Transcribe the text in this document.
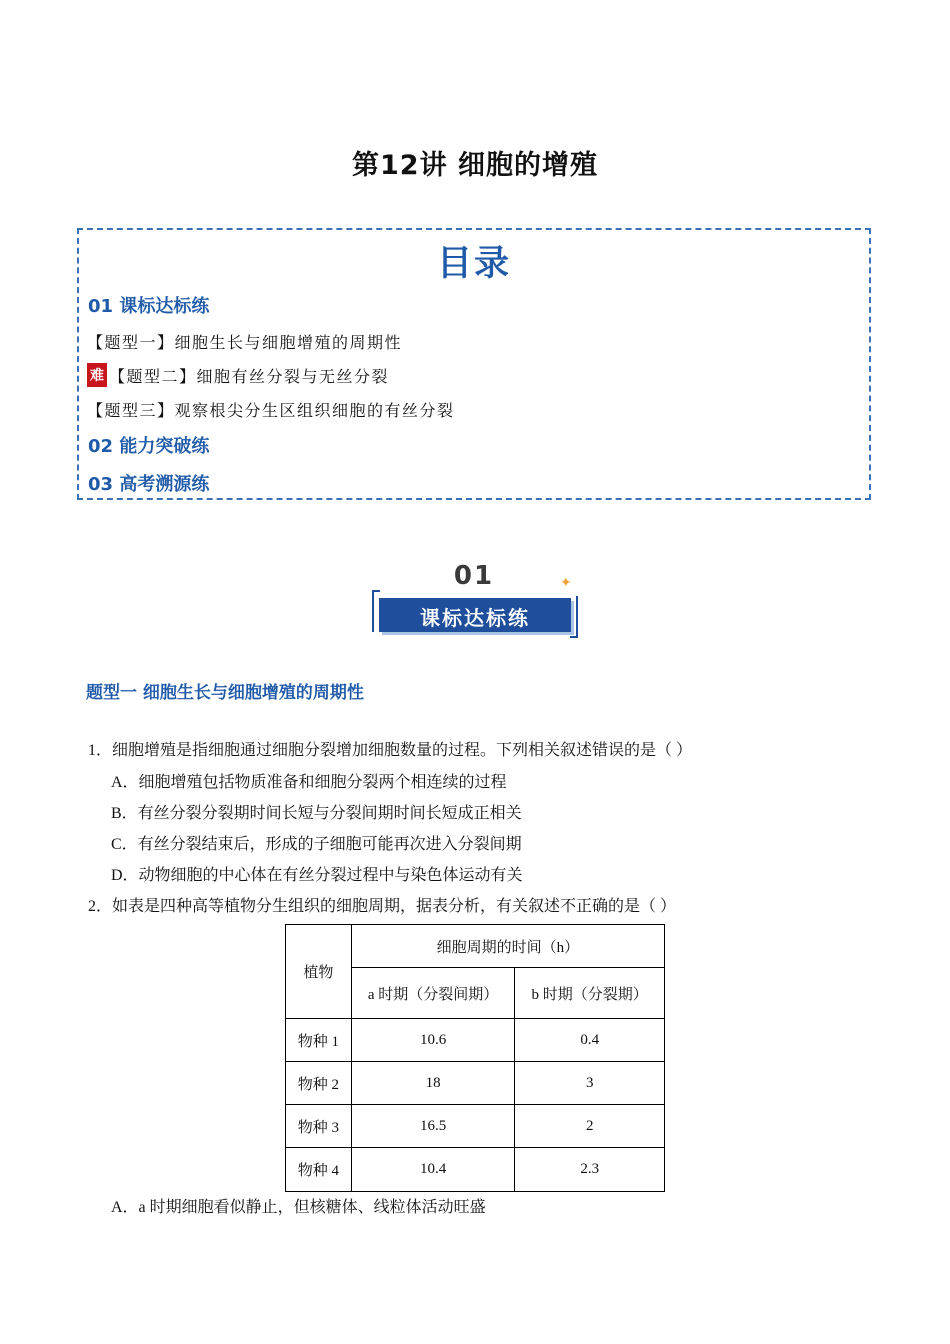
第12讲 细胞的增殖
目录
01 课标达标练
【题型一】细胞生长与细胞增殖的周期性
难 【题型二】细胞有丝分裂与无丝分裂
【题型三】观察根尖分生区组织细胞的有丝分裂
02 能力突破练
03 高考溯源练
✦
01
课标达标练
题型一 细胞生长与细胞增殖的周期性
1．细胞增殖是指细胞通过细胞分裂增加细胞数量的过程。下列相关叙述错误的是（ ）
A．细胞增殖包括物质准备和细胞分裂两个相连续的过程
B．有丝分裂分裂期时间长短与分裂间期时间长短成正相关
C．有丝分裂结束后，形成的子细胞可能再次进入分裂间期
D．动物细胞的中心体在有丝分裂过程中与染色体运动有关
2．如表是四种高等植物分生组织的细胞周期，据表分析，有关叙述不正确的是（ ）
植物	细胞周期的时间（h）	
	a 时期（分裂间期）	b 时期（分裂期）
物种 1	10.6	0.4
物种 2	18	3
物种 3	16.5	2
物种 4	10.4	2.3
A．a 时期细胞看似静止，但核糖体、线粒体活动旺盛
